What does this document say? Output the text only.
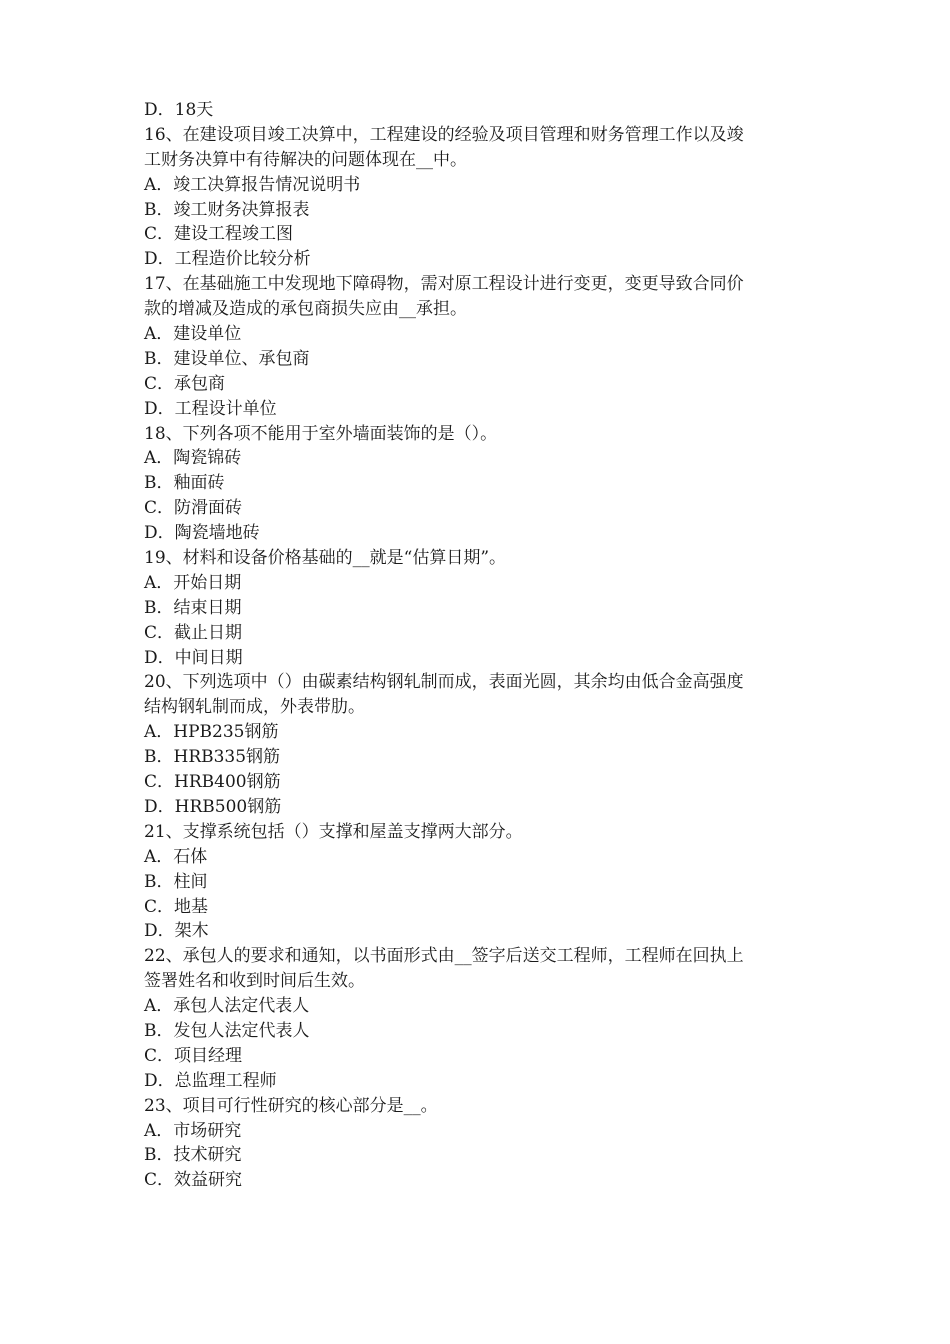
D．18天
16、在建设项目竣工决算中，工程建设的经验及项目管理和财务管理工作以及竣
工财务决算中有待解决的问题体现在__中。
A．竣工决算报告情况说明书
B．竣工财务决算报表
C．建设工程竣工图
D．工程造价比较分析
17、在基础施工中发现地下障碍物，需对原工程设计进行变更，变更导致合同价
款的增减及造成的承包商损失应由__承担。
A．建设单位
B．建设单位、承包商
C．承包商
D．工程设计单位
18、下列各项不能用于室外墙面装饰的是（）。
A．陶瓷锦砖
B．釉面砖
C．防滑面砖
D．陶瓷墙地砖
19、材料和设备价格基础的__就是“估算日期”。
A．开始日期
B．结束日期
C．截止日期
D．中间日期
20、下列选项中（）由碳素结构钢轧制而成，表面光圆，其余均由低合金高强度
结构钢轧制而成，外表带肋。
A．HPB235钢筋
B．HRB335钢筋
C．HRB400钢筋
D．HRB500钢筋
21、支撑系统包括（）支撑和屋盖支撑两大部分。
A．石体
B．柱间
C．地基
D．架木
22、承包人的要求和通知，以书面形式由__签字后送交工程师，工程师在回执上
签署姓名和收到时间后生效。
A．承包人法定代表人
B．发包人法定代表人
C．项目经理
D．总监理工程师
23、项目可行性研究的核心部分是__。
A．市场研究
B．技术研究
C．效益研究
